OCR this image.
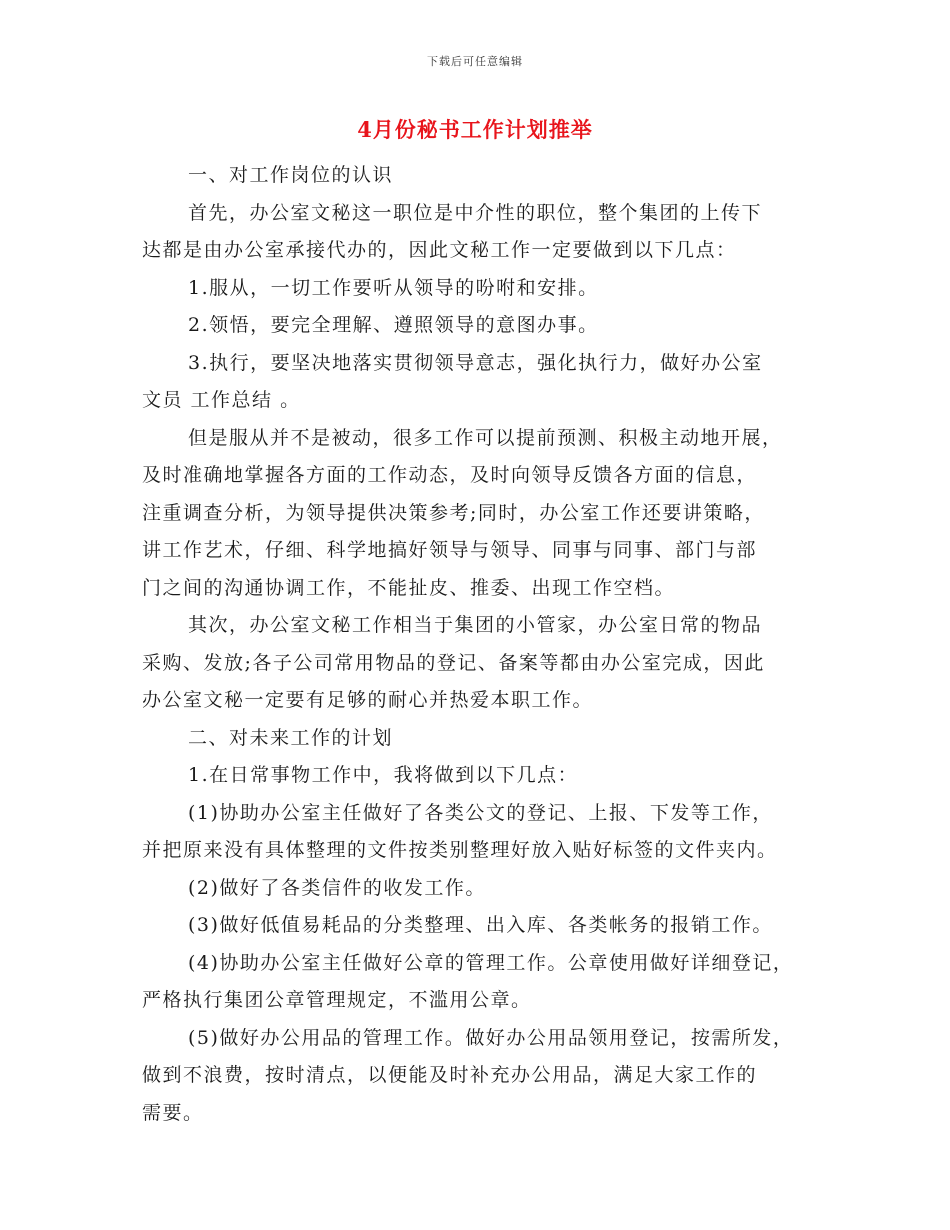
下载后可任意编辑
4月份秘书工作计划推举

一、对工作岗位的认识

首先，办公室文秘这一职位是中介性的职位，整个集团的上传下

达都是由办公室承接代办的，因此文秘工作一定要做到以下几点：

1.服从，一切工作要听从领导的吩咐和安排。

2.领悟，要完全理解、遵照领导的意图办事。

3.执行，要坚决地落实贯彻领导意志，强化执行力，做好办公室

文员 工作总结 。

但是服从并不是被动，很多工作可以提前预测、积极主动地开展，

及时准确地掌握各方面的工作动态，及时向领导反馈各方面的信息，

注重调查分析，为领导提供决策参考;同时，办公室工作还要讲策略，

讲工作艺术，仔细、科学地搞好领导与领导、同事与同事、部门与部

门之间的沟通协调工作，不能扯皮、推委、出现工作空档。

其次，办公室文秘工作相当于集团的小管家，办公室日常的物品

采购、发放;各子公司常用物品的登记、备案等都由办公室完成，因此

办公室文秘一定要有足够的耐心并热爱本职工作。

二、对未来工作的计划

1.在日常事物工作中，我将做到以下几点：

(1)协助办公室主任做好了各类公文的登记、上报、下发等工作，

并把原来没有具体整理的文件按类别整理好放入贴好标签的文件夹内。

(2)做好了各类信件的收发工作。

(3)做好低值易耗品的分类整理、出入库、各类帐务的报销工作。

(4)协助办公室主任做好公章的管理工作。公章使用做好详细登记，

严格执行集团公章管理规定，不滥用公章。

(5)做好办公用品的管理工作。做好办公用品领用登记，按需所发，

做到不浪费，按时清点，以便能及时补充办公用品，满足大家工作的

需要。
